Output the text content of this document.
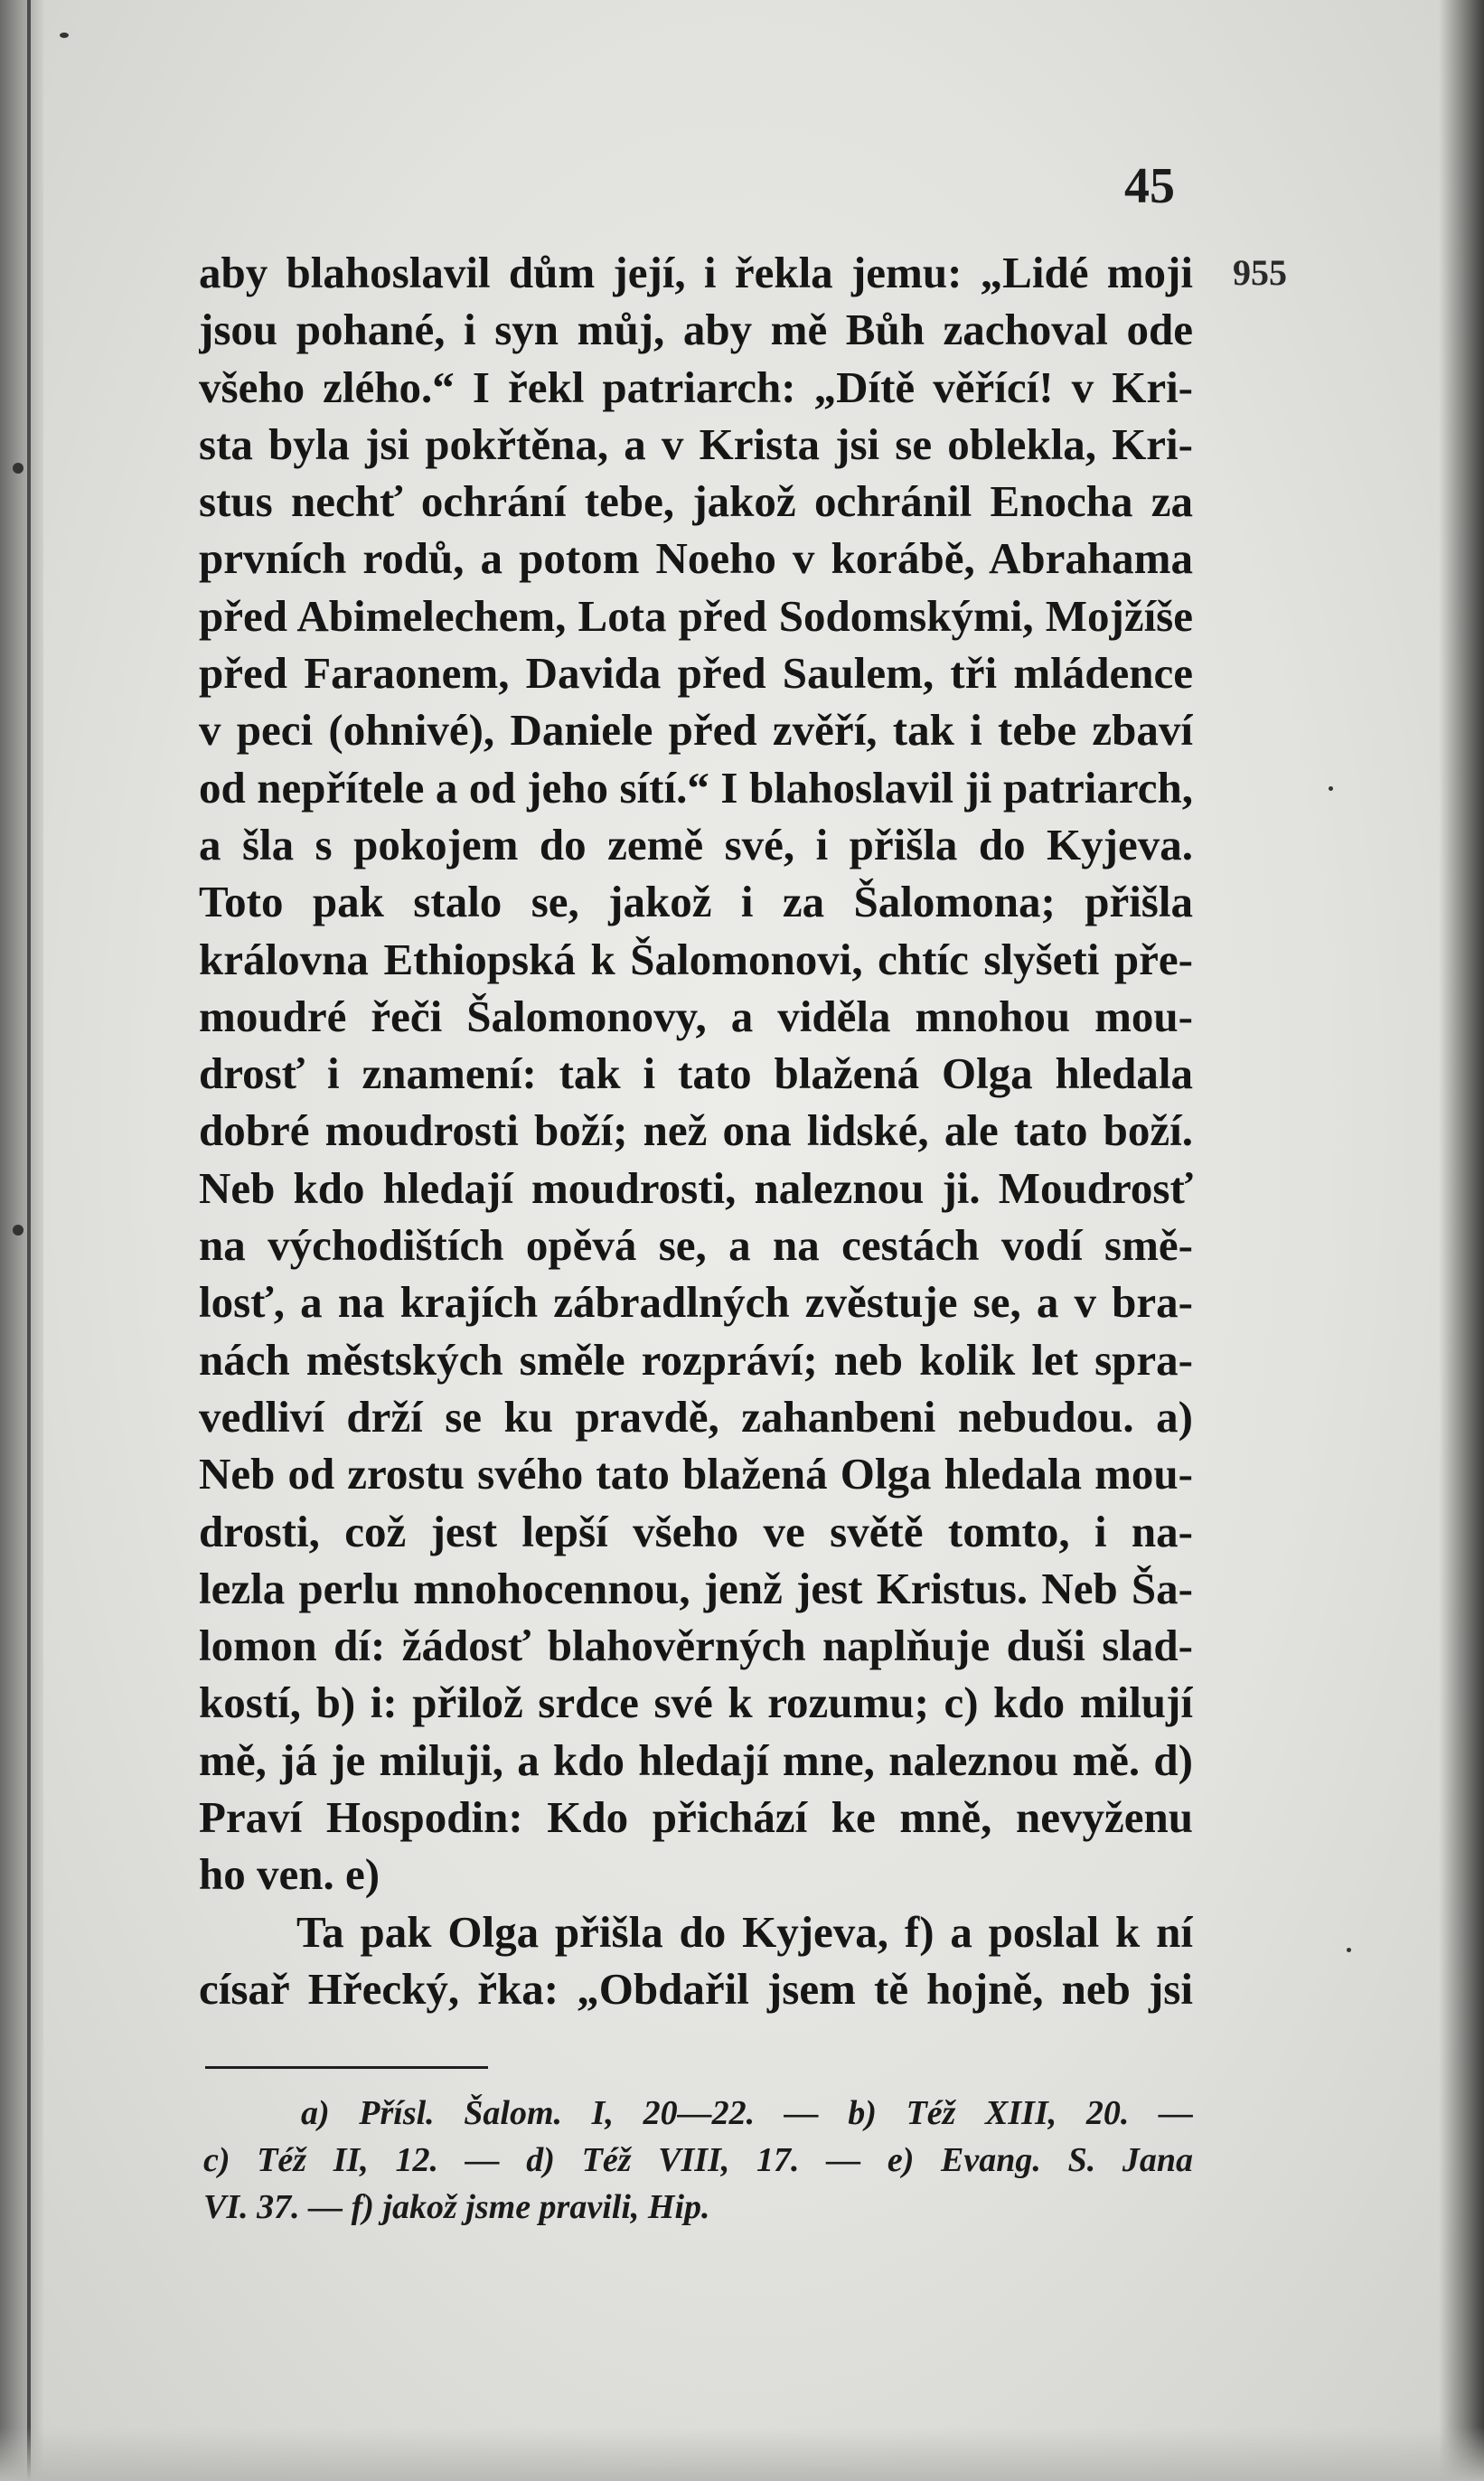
45
955
aby blahoslavil dům její, i řekla jemu: „Lidé moji
jsou pohané, i syn můj, aby mě Bůh zachoval ode
všeho zlého.“ I řekl patriarch: „Dítě věřící! v Kri-
sta byla jsi pokřtěna, a v Krista jsi se oblekla, Kri-
stus nechť ochrání tebe, jakož ochránil Enocha za
prvních rodů, a potom Noeho v korábě, Abrahama
před Abimelechem, Lota před Sodomskými, Mojžíše
před Faraonem, Davida před Saulem, tři mládence
v peci (ohnivé), Daniele před zvěří, tak i tebe zbaví
od nepřítele a od jeho sítí.“ I blahoslavil ji patriarch,
a šla s pokojem do země své, i přišla do Kyjeva.
Toto pak stalo se, jakož i za Šalomona; přišla
královna Ethiopská k Šalomonovi, chtíc slyšeti pře-
moudré řeči Šalomonovy, a viděla mnohou mou-
drosť i znamení: tak i tato blažená Olga hledala
dobré moudrosti boží; než ona lidské, ale tato boží.
Neb kdo hledají moudrosti, naleznou ji. Moudrosť
na východištích opěvá se, a na cestách vodí smě-
losť, a na krajích zábradlných zvěstuje se, a v bra-
nách městských směle rozpráví; neb kolik let spra-
vedliví drží se ku pravdě, zahanbeni nebudou. a)
Neb od zrostu svého tato blažená Olga hledala mou-
drosti, což jest lepší všeho ve světě tomto, i na-
lezla perlu mnohocennou, jenž jest Kristus. Neb Ša-
lomon dí: žádosť blahověrných naplňuje duši slad-
kostí, b) i: přilož srdce své k rozumu; c) kdo milují
mě, já je miluji, a kdo hledají mne, naleznou mě. d)
Praví Hospodin: Kdo přichází ke mně, nevyženu
ho ven. e)
Ta pak Olga přišla do Kyjeva, f) a poslal k ní
císař Hřecký, řka: „Obdařil jsem tě hojně, neb jsi
a) Přísl. Šalom. I, 20—22. — b) Též XIII, 20. —
c) Též II, 12. — d) Též VIII, 17. — e) Evang. S. Jana
VI. 37. — f) jakož jsme pravili, Hip.
